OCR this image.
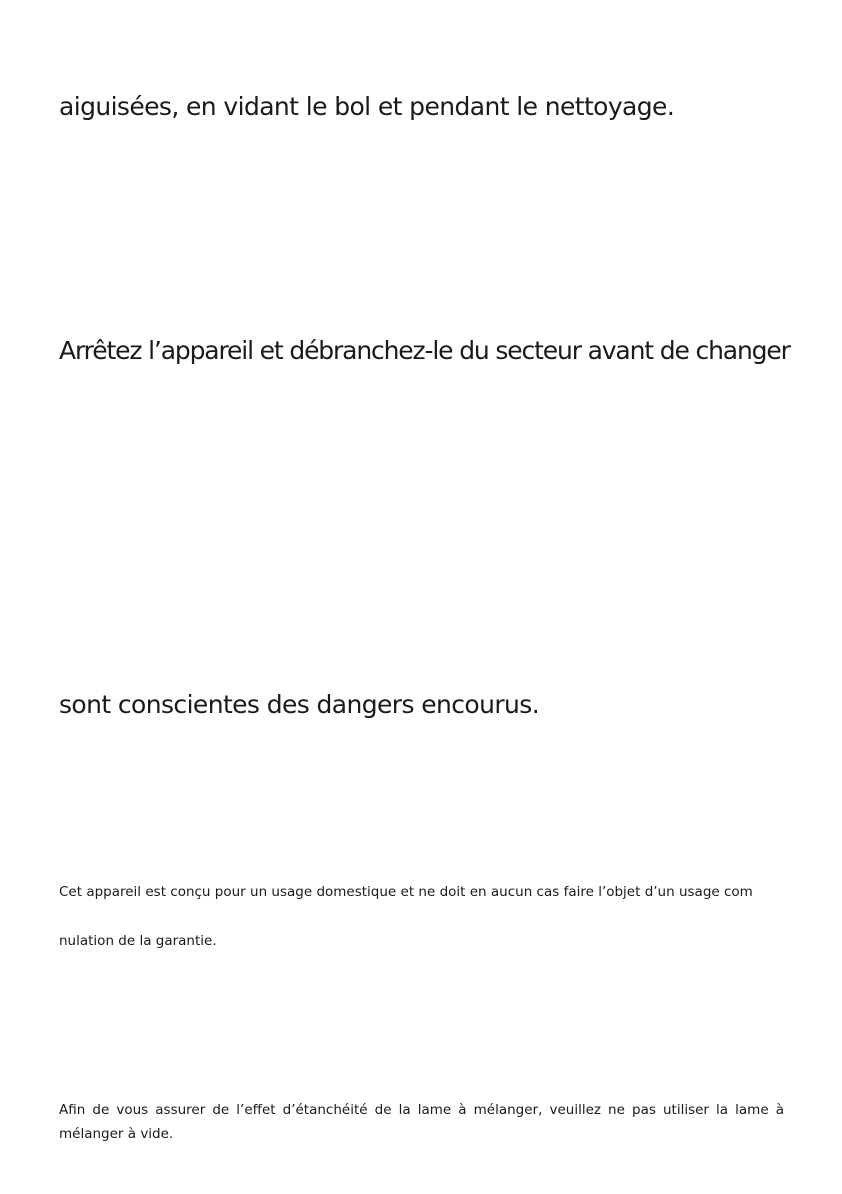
aiguisées, en vidant le bol et pendant le nettoyage.

Arrêtez l’appareil et débranchez-le du secteur avant de changer

sont conscientes des dangers encourus.

Cet appareil est conçu pour un usage domestique et ne doit en aucun cas faire l’objet d’un usage com

nulation de la garantie.

Afin de vous assurer de l’effet d’étanchéité de la lame à mélanger, veuillez ne pas utiliser la lame à mélanger à vide.
